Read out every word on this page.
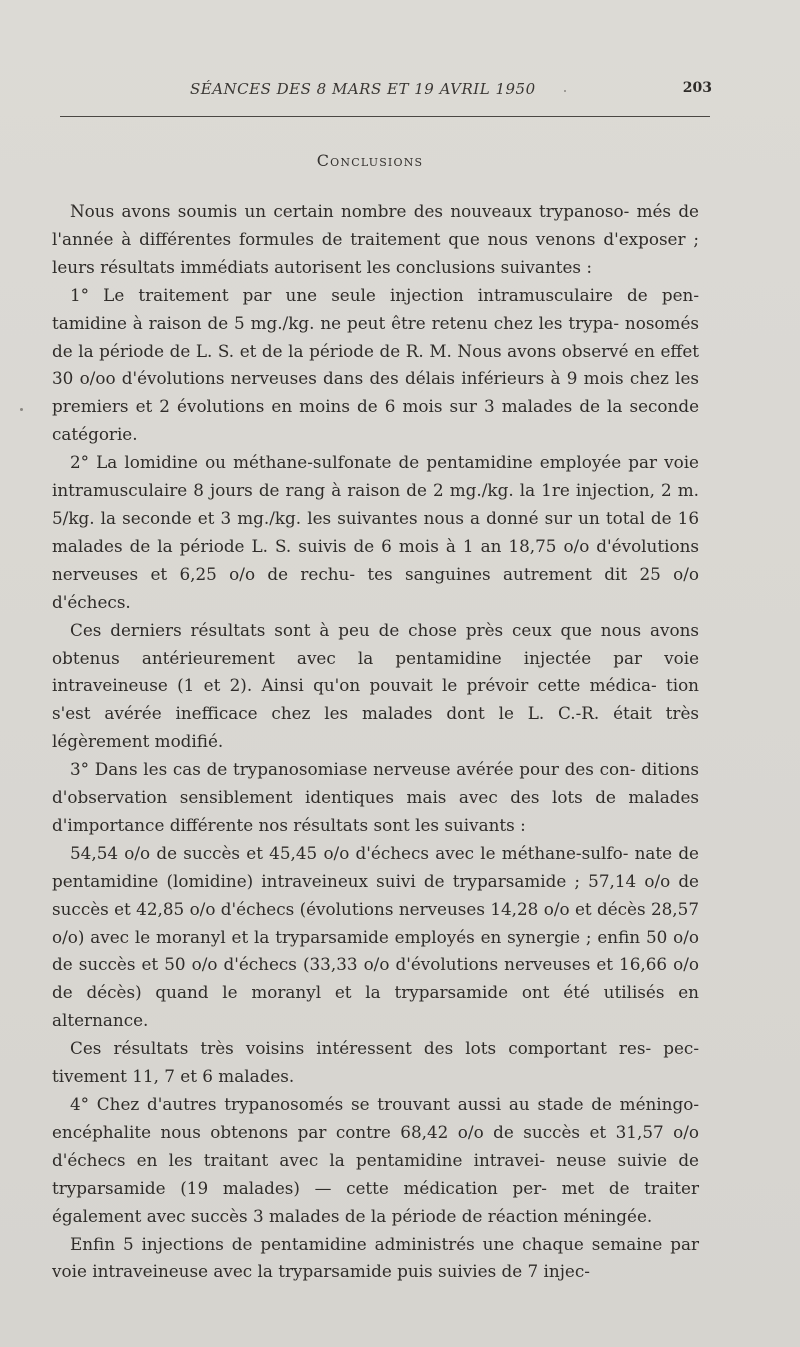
SÉANCES DES 8 MARS ET 19 AVRIL 1950	203
Conclusions

Nous avons soumis un certain nombre des nouveaux trypanoso- més de l'année à différentes formules de traitement que nous venons d'exposer ; leurs résultats immédiats autorisent les conclusions suivantes :

1° Le traitement par une seule injection intramusculaire de pen- tamidine à raison de 5 mg./kg. ne peut être retenu chez les trypa- nosomés de la période de L. S. et de la période de R. M. Nous avons observé en effet 30 o/oo d'évolutions nerveuses dans des délais inférieurs à 9 mois chez les premiers et 2 évolutions en moins de 6 mois sur 3 malades de la seconde catégorie.

2° La lomidine ou méthane-sulfonate de pentamidine employée par voie intramusculaire 8 jours de rang à raison de 2 mg./kg. la 1re injection, 2 m. 5/kg. la seconde et 3 mg./kg. les suivantes nous a donné sur un total de 16 malades de la période L. S. suivis de 6 mois à 1 an 18,75 o/o d'évolutions nerveuses et 6,25 o/o de rechu- tes sanguines autrement dit 25 o/o d'échecs.

Ces derniers résultats sont à peu de chose près ceux que nous avons obtenus antérieurement avec la pentamidine injectée par voie intraveineuse (1 et 2). Ainsi qu'on pouvait le prévoir cette médica- tion s'est avérée inefficace chez les malades dont le L. C.-R. était très légèrement modifié.

3° Dans les cas de trypanosomiase nerveuse avérée pour des con- ditions d'observation sensiblement identiques mais avec des lots de malades d'importance différente nos résultats sont les suivants :

54,54 o/o de succès et 45,45 o/o d'échecs avec le méthane-sulfo- nate de pentamidine (lomidine) intraveineux suivi de tryparsamide ; 57,14 o/o de succès et 42,85 o/o d'échecs (évolutions nerveuses 14,28 o/o et décès 28,57 o/o) avec le moranyl et la tryparsamide employés en synergie ; enfin 50 o/o de succès et 50 o/o d'échecs (33,33 o/o d'évolutions nerveuses et 16,66 o/o de décès) quand le moranyl et la tryparsamide ont été utilisés en alternance.

Ces résultats très voisins intéressent des lots comportant res- pec- tivement 11, 7 et 6 malades.

4° Chez d'autres trypanosomés se trouvant aussi au stade de méningo-encéphalite nous obtenons par contre 68,42 o/o de succès et 31,57 o/o d'échecs en les traitant avec la pentamidine intravei- neuse suivie de tryparsamide (19 malades) — cette médication per- met de traiter également avec succès 3 malades de la période de réaction méningée.

Enfin 5 injections de pentamidine administrés une chaque semaine par voie intraveineuse avec la tryparsamide puis suivies de 7 injec-
